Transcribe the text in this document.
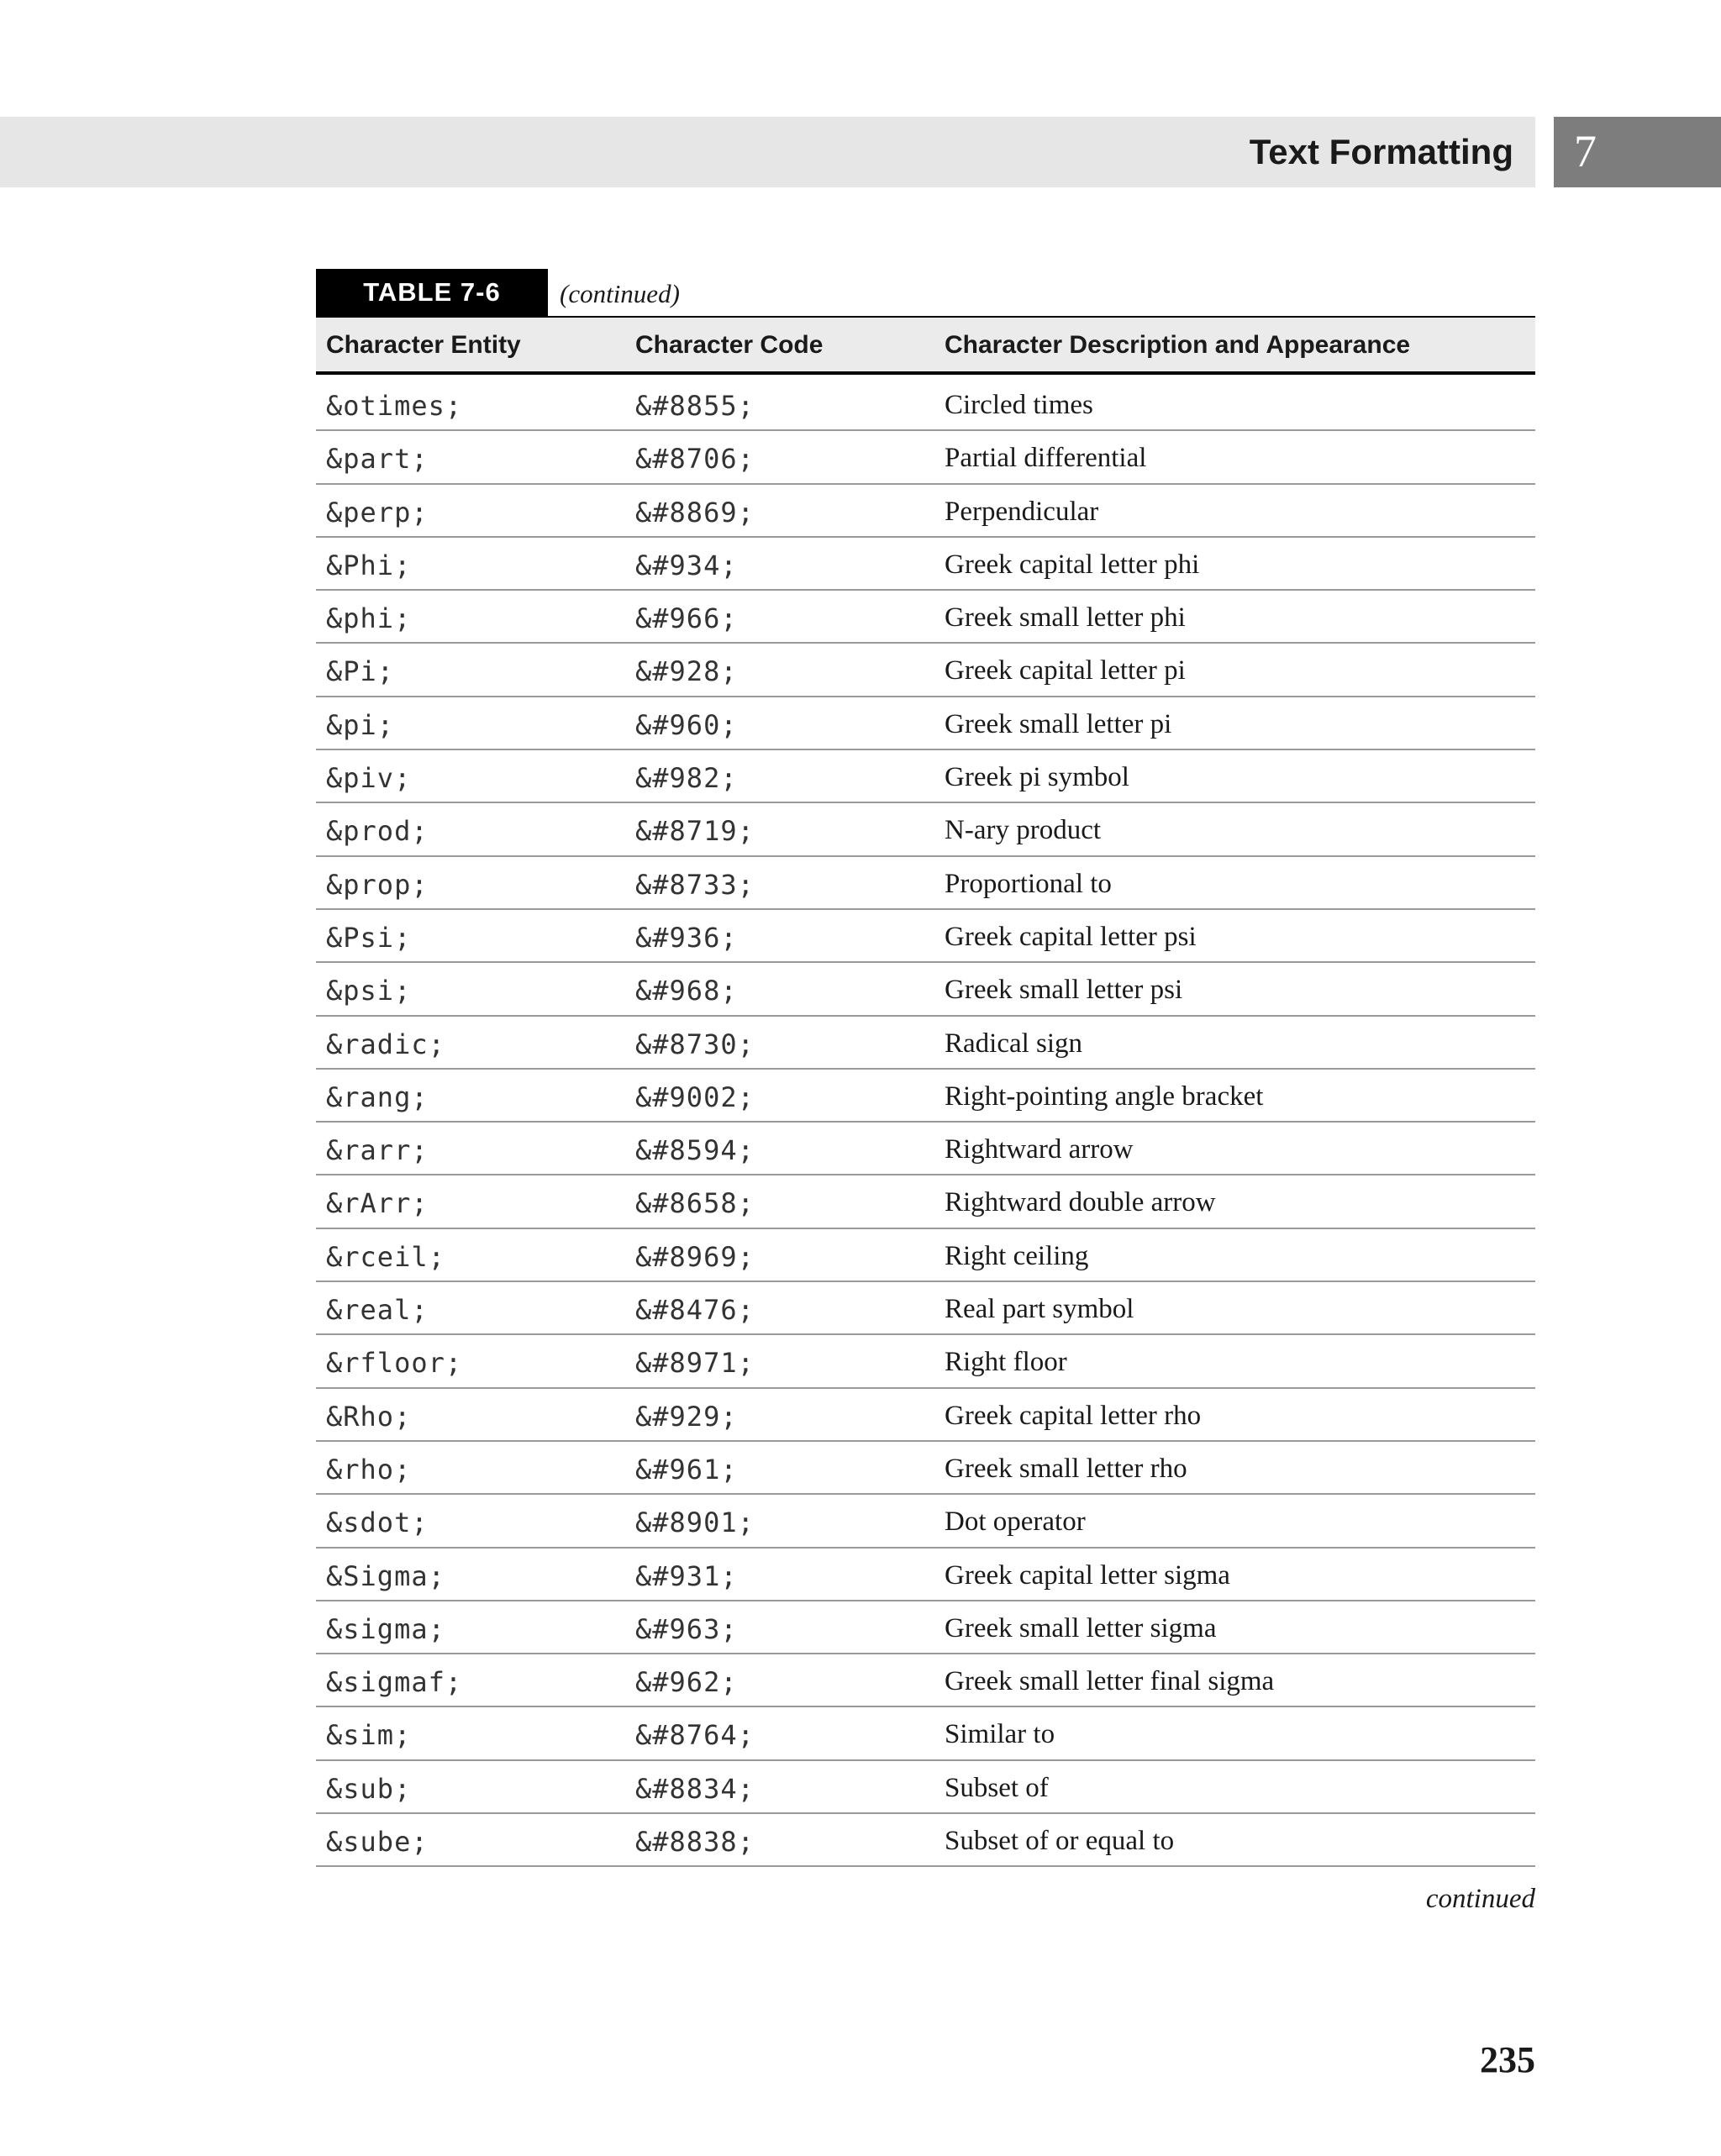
Text Formatting 7
TABLE 7-6	(continued)
Character Entity	Character Code	Character Description and Appearance
&otimes;	&#8855;	Circled times
&part;	&#8706;	Partial differential
&perp;	&#8869;	Perpendicular
&Phi;	&#934;	Greek capital letter phi
&phi;	&#966;	Greek small letter phi
&Pi;	&#928;	Greek capital letter pi
&pi;	&#960;	Greek small letter pi
&piv;	&#982;	Greek pi symbol
&prod;	&#8719;	N-ary product
&prop;	&#8733;	Proportional to
&Psi;	&#936;	Greek capital letter psi
&psi;	&#968;	Greek small letter psi
&radic;	&#8730;	Radical sign
&rang;	&#9002;	Right-pointing angle bracket
&rarr;	&#8594;	Rightward arrow
&rArr;	&#8658;	Rightward double arrow
&rceil;	&#8969;	Right ceiling
&real;	&#8476;	Real part symbol
&rfloor;	&#8971;	Right floor
&Rho;	&#929;	Greek capital letter rho
&rho;	&#961;	Greek small letter rho
&sdot;	&#8901;	Dot operator
&Sigma;	&#931;	Greek capital letter sigma
&sigma;	&#963;	Greek small letter sigma
&sigmaf;	&#962;	Greek small letter final sigma
&sim;	&#8764;	Similar to
&sub;	&#8834;	Subset of
&sube;	&#8838;	Subset of or equal to
continued
235
